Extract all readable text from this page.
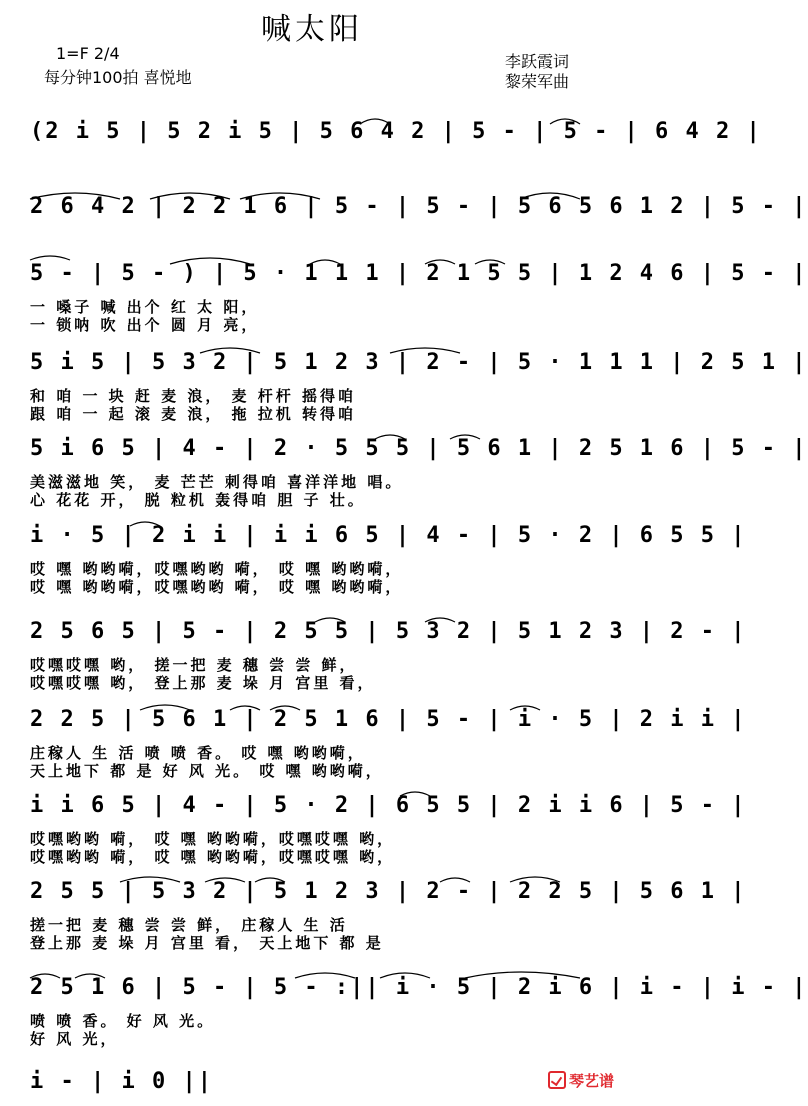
喊太阳
1=F 2/4
每分钟100拍 喜悦地
李跃霞词
黎荣军曲
(2 i 5 | 5 2 i 5 | 5 6 4 2 | 5 - | 5 - | 6 4 2 |
2 6 4 2 | 2 2 1 6 | 5 - | 5 - | 5 6 5 6 1 2 | 5 - |
5 - | 5 - ) | 5 · 1 1 1 | 2 1 5 5 | 1 2 4 6 | 5 - |
一 嗓子 喊 出个 红 太 阳，
一 锁呐 吹 出个 圆 月 亮，
5 i 5 | 5 3 2 | 5 1 2 3 | 2 - | 5 · 1 1 1 | 2 5 1 |
和 咱 一 块 赶 麦 浪， 麦 杆杆 摇得咱
跟 咱 一 起 滚 麦 浪， 拖 拉机 转得咱
5 i 6 5 | 4 - | 2 · 5 5 5 | 5 6 1 | 2 5 1 6 | 5 - |
美滋滋地 笑， 麦 芒芒 刺得咱 喜洋洋地 唱。
心 花花 开， 脱 粒机 轰得咱 胆 子 壮。
i · 5 | 2 i i | i i 6 5 | 4 - | 5 · 2 | 6 5 5 |
哎 嘿 哟哟嗬，哎嘿哟哟 嗬， 哎 嘿 哟哟嗬，
哎 嘿 哟哟嗬，哎嘿哟哟 嗬， 哎 嘿 哟哟嗬，
2 5 6 5 | 5 - | 2 5 5 | 5 3 2 | 5 1 2 3 | 2 - |
哎嘿哎嘿 哟， 搓一把 麦 穗 尝 尝 鲜，
哎嘿哎嘿 哟， 登上那 麦 垛 月 宫里 看，
2 2 5 | 5 6 1 | 2 5 1 6 | 5 - | i · 5 | 2 i i |
庄稼人 生 活 喷 喷 香。 哎 嘿 哟哟嗬，
天上地下 都 是 好 风 光。 哎 嘿 哟哟嗬，
i i 6 5 | 4 - | 5 · 2 | 6 5 5 | 2 i i 6 | 5 - |
哎嘿哟哟 嗬， 哎 嘿 哟哟嗬，哎嘿哎嘿 哟，
哎嘿哟哟 嗬， 哎 嘿 哟哟嗬，哎嘿哎嘿 哟，
2 5 5 | 5 3 2 | 5 1 2 3 | 2 - | 2 2 5 | 5 6 1 |
搓一把 麦 穗 尝 尝 鲜， 庄稼人 生 活
登上那 麦 垛 月 宫里 看， 天上地下 都 是
2 5 1 6 | 5 - | 5 - :|| i · 5 | 2 i 6 | i - | i - |
喷 喷 香。 好 风 光。
好 风 光，
i - | i 0 ||	琴艺谱
